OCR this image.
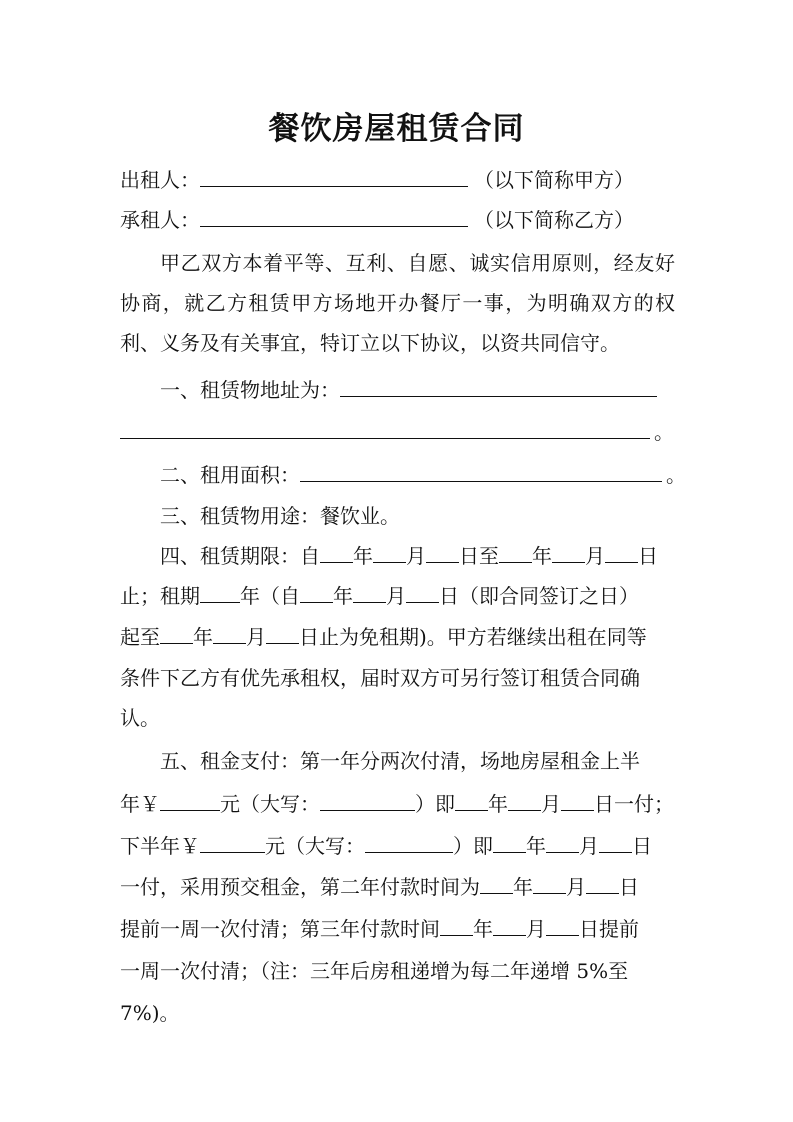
餐饮房屋租赁合同
出租人：	（以下简称甲方）
承租人：	（以下简称乙方）
甲乙双方本着平等、互利、自愿、诚实信用原则，经友好协商，就乙方租赁甲方场地开办餐厅一事，为明确双方的权利、义务及有关事宜，特订立以下协议，以资共同信守。
一、租赁物地址为：
。
二、租用面积：	。
三、租赁物用途：餐饮业。
四、租赁期限：自 年 月 日至 年 月 日
止；租期 年（自 年 月 日（即合同签订之日）
起至 年 月 日止为免租期)。甲方若继续出租在同等
条件下乙方有优先承租权，届时双方可另行签订租赁合同确
认。
五、租金支付：第一年分两次付清，场地房屋租金上半
年￥	元（大写：	）即 年 月 日一付；
下半年￥	元（大写：	）即 年 月 日
一付，采用预交租金，第二年付款时间为 年 月 日
提前一周一次付清；第三年付款时间 年 月 日提前
一周一次付清；（注：三年后房租递增为每二年递增 5%至
7%)。
